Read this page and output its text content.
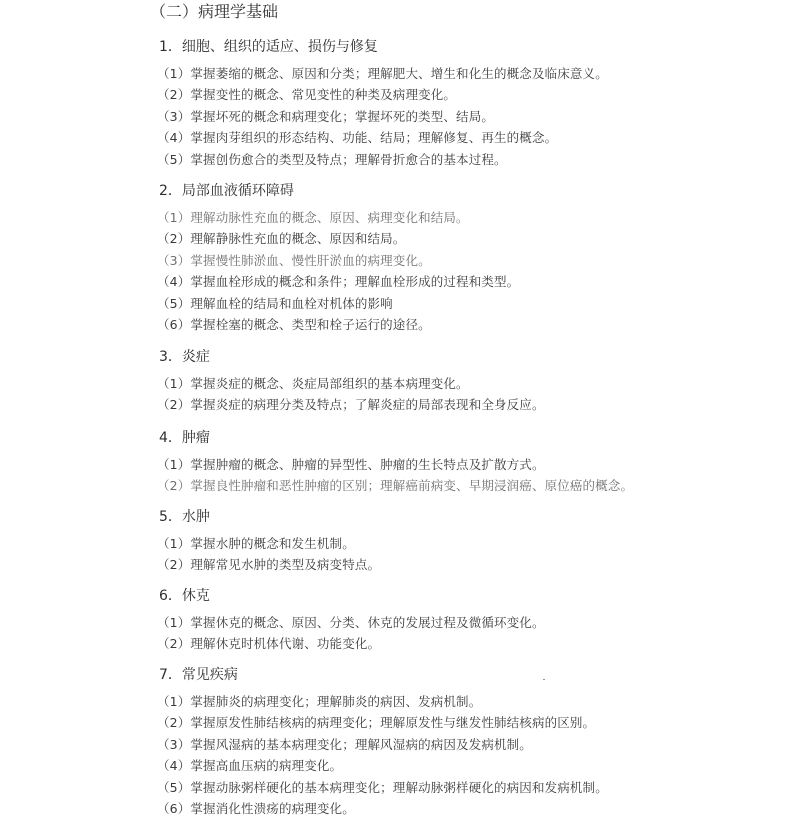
（二）病理学基础
1．细胞、组织的适应、损伤与修复
（1）掌握萎缩的概念、原因和分类；理解肥大、增生和化生的概念及临床意义。
（2）掌握变性的概念、常见变性的种类及病理变化。
（3）掌握坏死的概念和病理变化；掌握坏死的类型、结局。
（4）掌握肉芽组织的形态结构、功能、结局；理解修复、再生的概念。
（5）掌握创伤愈合的类型及特点；理解骨折愈合的基本过程。
2．局部血液循环障碍
（1）理解动脉性充血的概念、原因、病理变化和结局。
（2）理解静脉性充血的概念、原因和结局。
（3）掌握慢性肺淤血、慢性肝淤血的病理变化。
（4）掌握血栓形成的概念和条件；理解血栓形成的过程和类型。
（5）理解血栓的结局和血栓对机体的影响
（6）掌握栓塞的概念、类型和栓子运行的途径。
3．炎症
（1）掌握炎症的概念、炎症局部组织的基本病理变化。
（2）掌握炎症的病理分类及特点；了解炎症的局部表现和全身反应。
4．肿瘤
（1）掌握肿瘤的概念、肿瘤的异型性、肿瘤的生长特点及扩散方式。
（2）掌握良性肿瘤和恶性肿瘤的区别；理解癌前病变、早期浸润癌、原位癌的概念。
5．水肿
（1）掌握水肿的概念和发生机制。
（2）理解常见水肿的类型及病变特点。
6．休克
（1）掌握休克的概念、原因、分类、休克的发展过程及微循环变化。
（2）理解休克时机体代谢、功能变化。
7．常见疾病
（1）掌握肺炎的病理变化；理解肺炎的病因、发病机制。
（2）掌握原发性肺结核病的病理变化；理解原发性与继发性肺结核病的区别。
（3）掌握风湿病的基本病理变化；理解风湿病的病因及发病机制。
（4）掌握高血压病的病理变化。
（5）掌握动脉粥样硬化的基本病理变化；理解动脉粥样硬化的病因和发病机制。
（6）掌握消化性溃疡的病理变化。
